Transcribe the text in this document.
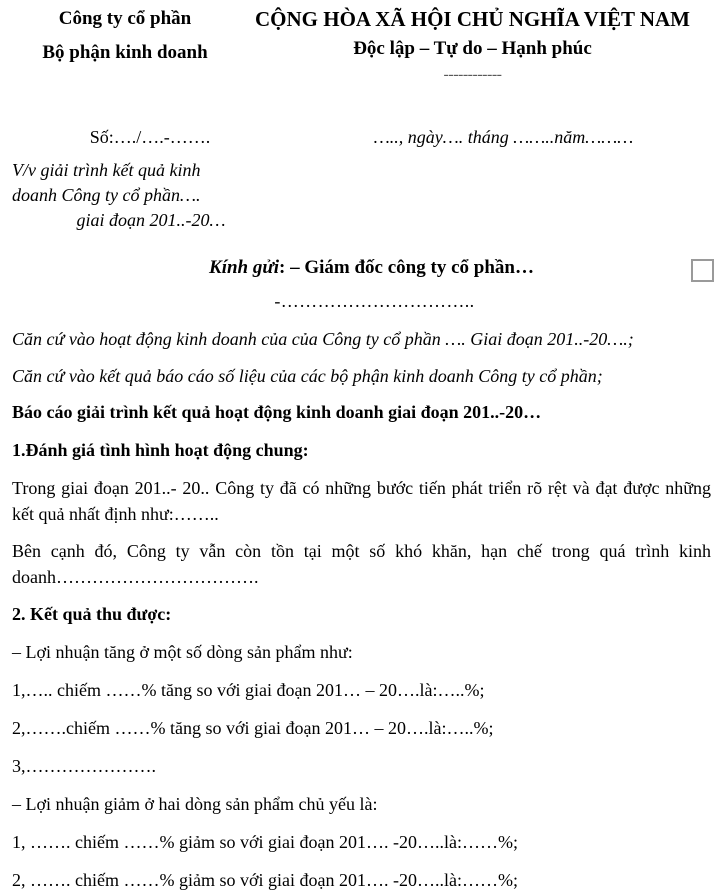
Công ty cổ phần
Bộ phận kinh doanh
CỘNG HÒA XÃ HỘI CHỦ NGHĨA VIỆT NAM
Độc lập – Tự do – Hạnh phúc
------------
Số:…./….-…….	….., ngày…. tháng ……..năm………
V/v giải trình kết quả kinh
doanh Công ty cổ phần….
giai đoạn 201..-20…
Kính gửi: – Giám đốc công ty cổ phần…
-…………………………..

Căn cứ vào hoạt động kinh doanh của của Công ty cổ phần …. Giai đoạn 201..-20….;

Căn cứ vào kết quả báo cáo số liệu của các bộ phận kinh doanh Công ty cổ phần;

Báo cáo giải trình kết quả hoạt động kinh doanh giai đoạn 201..-20…

1.Đánh giá tình hình hoạt động chung:

Trong giai đoạn 201..- 20.. Công ty đã có những bước tiến phát triển rõ rệt và đạt được những kết quả nhất định như:……..

Bên cạnh đó, Công ty vẫn còn tồn tại một số khó khăn, hạn chế trong quá trình kinh doanh…………………………….

2. Kết quả thu được:

– Lợi nhuận tăng ở một số dòng sản phẩm như:

1,….. chiếm ……% tăng so với giai đoạn 201… – 20….là:…..%;

2,…….chiếm ……% tăng so với giai đoạn 201… – 20….là:…..%;

3,………………….

– Lợi nhuận giảm ở hai dòng sản phẩm chủ yếu là:

1, ……. chiếm ……% giảm so với giai đoạn 201…. -20…..là:……%;

2, ……. chiếm ……% giảm so với giai đoạn 201…. -20…..là:……%;
